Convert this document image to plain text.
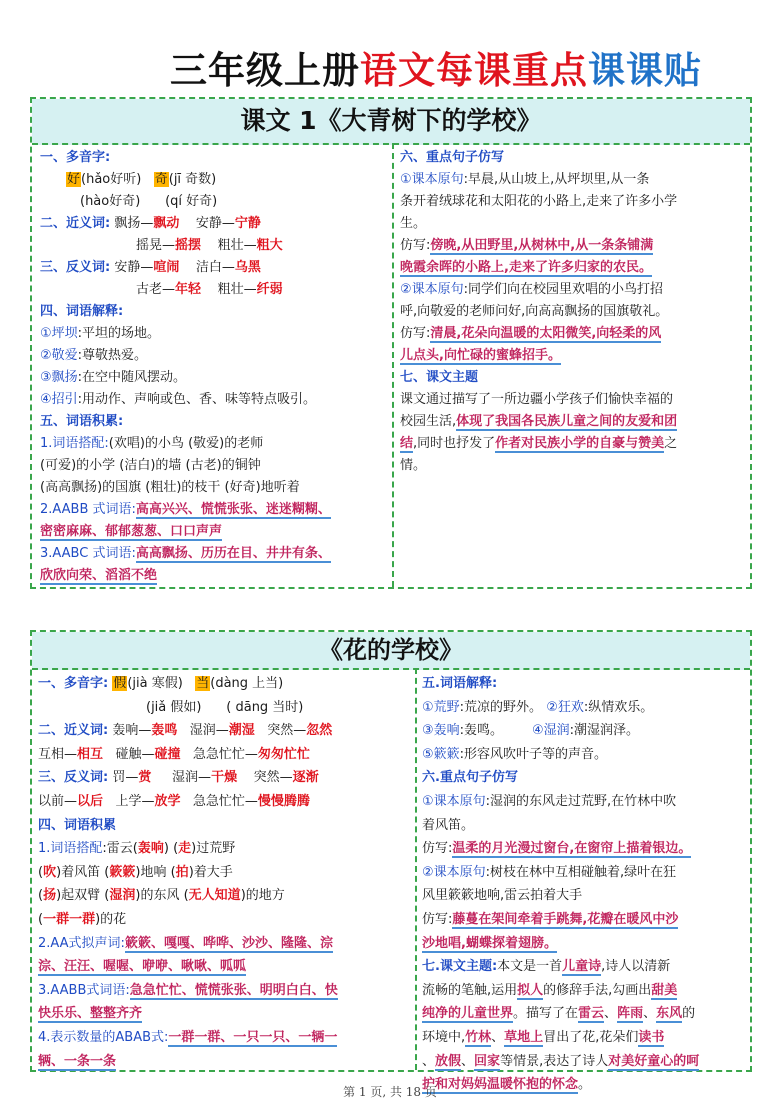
三年级上册语文每课重点课课贴
课文 1《大青树下的学校》
一、多音字:
好(hǎo好听) 奇(jī 奇数)
(hào好奇) (qí 好奇)
二、近义词: 飘扬—飘动 安静—宁静
摇晃—摇摆 粗壮—粗大
三、反义词: 安静—喧闹 洁白—乌黑
古老—年轻 粗壮—纤弱
四、词语解释:
①坪坝:平坦的场地。
②敬爱:尊敬热爱。
③飘扬:在空中随风摆动。
④招引:用动作、声响或色、香、味等特点吸引。
五、词语积累:
1.词语搭配:(欢唱)的小鸟 (敬爱)的老师
(可爱)的小学 (洁白)的墙 (古老)的铜钟
(高高飘扬)的国旗 (粗壮)的枝干 (好奇)地听着
2.AABB 式词语:高高兴兴、慌慌张张、迷迷糊糊、
密密麻麻、郁郁葱葱、口口声声
3.AABC 式词语:高高飘扬、历历在目、井井有条、
欣欣向荣、滔滔不绝
六、重点句子仿写
①课本原句:早晨,从山坡上,从坪坝里,从一条
条开着绒球花和太阳花的小路上,走来了许多小学
生。
仿写:傍晚,从田野里,从树林中,从一条条铺满
晚霞余晖的小路上,走来了许多归家的农民。
②课本原句:同学们向在校园里欢唱的小鸟打招
呼,向敬爱的老师问好,向高高飘扬的国旗敬礼。
仿写:清晨,花朵向温暖的太阳微笑,向轻柔的风
儿点头,向忙碌的蜜蜂招手。
七、课文主题
课文通过描写了一所边疆小学孩子们愉快幸福的
校园生活,体现了我国各民族儿童之间的友爱和团
结,同时也抒发了作者对民族小学的自豪与赞美之
情。
《花的学校》
一、多音字: 假(jià 寒假) 当(dàng 上当)
(jiǎ 假如) ( dāng 当时)
二、近义词: 轰响—轰鸣 湿润—潮湿 突然—忽然
互相—相互 碰触—碰撞 急急忙忙—匆匆忙忙
三、反义词: 罚—赏 湿润—干燥 突然—逐渐
以前—以后 上学—放学 急急忙忙—慢慢腾腾
四、词语积累
1.词语搭配:雷云(轰响) (走)过荒野
(吹)着风笛 (簌簌)地响 (拍)着大手
(扬)起双臂 (湿润)的东风 (无人知道)的地方
(一群一群)的花
2.AA式拟声词:簌簌、嘎嘎、哗哗、沙沙、隆隆、淙
淙、汪汪、喔喔、咿咿、啾啾、呱呱
3.AABB式词语:急急忙忙、慌慌张张、明明白白、快
快乐乐、整整齐齐
4.表示数量的ABAB式:一群一群、一只一只、一辆一
辆、一条一条
五.词语解释:
①荒野:荒凉的野外。 ②狂欢:纵情欢乐。
③轰响:轰鸣。 ④湿润:潮湿润泽。
⑤簌簌:形容风吹叶子等的声音。
六.重点句子仿写
①课本原句:湿润的东风走过荒野,在竹林中吹
着风笛。
仿写:温柔的月光漫过窗台,在窗帘上描着银边。
②课本原句:树枝在林中互相碰触着,绿叶在狂
风里簌簌地响,雷云拍着大手
仿写:藤蔓在架间牵着手跳舞,花瓣在暖风中沙
沙地唱,蝴蝶探着翅膀。
七.课文主题:本文是一首儿童诗,诗人以清新
流畅的笔触,运用拟人的修辞手法,勾画出甜美
纯净的儿童世界。描写了在雷云、阵雨、东风的
环境中,竹林、草地上冒出了花,花朵们读书
、放假、回家等情景,表达了诗人对美好童心的呵
护和对妈妈温暖怀抱的怀念。
第 1 页, 共 18 页
